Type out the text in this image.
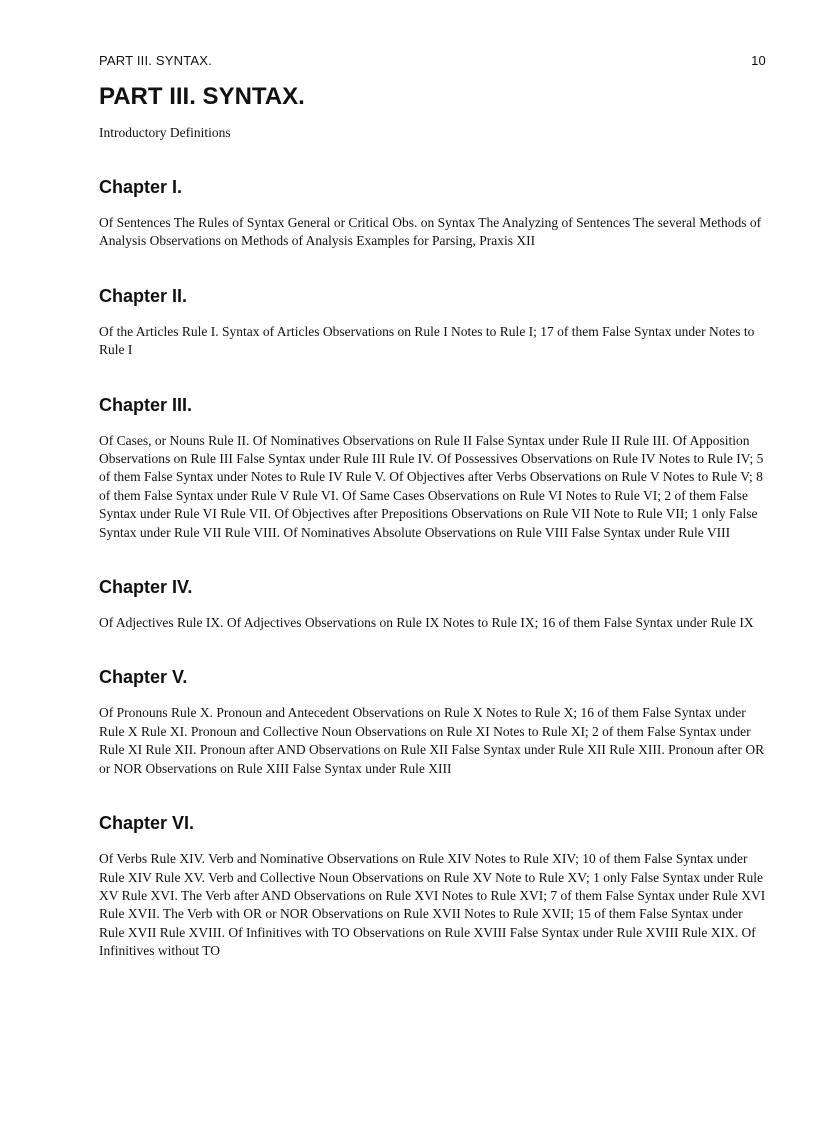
PART III. SYNTAX.	10
PART III. SYNTAX.

Introductory Definitions

Chapter I.

Of Sentences The Rules of Syntax General or Critical Obs. on Syntax The Analyzing of Sentences The several Methods of Analysis Observations on Methods of Analysis Examples for Parsing, Praxis XII

Chapter II.

Of the Articles Rule I. Syntax of Articles Observations on Rule I Notes to Rule I; 17 of them False Syntax under Notes to Rule I

Chapter III.

Of Cases, or Nouns Rule II. Of Nominatives Observations on Rule II False Syntax under Rule II Rule III. Of Apposition Observations on Rule III False Syntax under Rule III Rule IV. Of Possessives Observations on Rule IV Notes to Rule IV; 5 of them False Syntax under Notes to Rule IV Rule V. Of Objectives after Verbs Observations on Rule V Notes to Rule V; 8 of them False Syntax under Rule V Rule VI. Of Same Cases Observations on Rule VI Notes to Rule VI; 2 of them False Syntax under Rule VI Rule VII. Of Objectives after Prepositions Observations on Rule VII Note to Rule VII; 1 only False Syntax under Rule VII Rule VIII. Of Nominatives Absolute Observations on Rule VIII False Syntax under Rule VIII

Chapter IV.

Of Adjectives Rule IX. Of Adjectives Observations on Rule IX Notes to Rule IX; 16 of them False Syntax under Rule IX

Chapter V.

Of Pronouns Rule X. Pronoun and Antecedent Observations on Rule X Notes to Rule X; 16 of them False Syntax under Rule X Rule XI. Pronoun and Collective Noun Observations on Rule XI Notes to Rule XI; 2 of them False Syntax under Rule XI Rule XII. Pronoun after AND Observations on Rule XII False Syntax under Rule XII Rule XIII. Pronoun after OR or NOR Observations on Rule XIII False Syntax under Rule XIII

Chapter VI.

Of Verbs Rule XIV. Verb and Nominative Observations on Rule XIV Notes to Rule XIV; 10 of them False Syntax under Rule XIV Rule XV. Verb and Collective Noun Observations on Rule XV Note to Rule XV; 1 only False Syntax under Rule XV Rule XVI. The Verb after AND Observations on Rule XVI Notes to Rule XVI; 7 of them False Syntax under Rule XVI Rule XVII. The Verb with OR or NOR Observations on Rule XVII Notes to Rule XVII; 15 of them False Syntax under Rule XVII Rule XVIII. Of Infinitives with TO Observations on Rule XVIII False Syntax under Rule XVIII Rule XIX. Of Infinitives without TO
